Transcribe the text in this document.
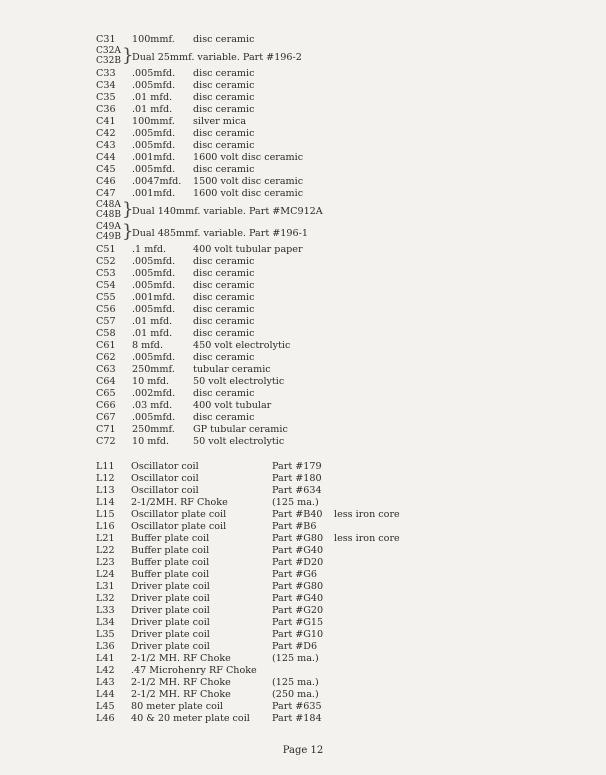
C31 100mmf. disc ceramic
C32A
C32B }
Dual 25mmf. variable. Part #196-2
C33 .005mfd. disc ceramic
C34 .005mfd. disc ceramic
C35 .01 mfd. disc ceramic
C36 .01 mfd. disc ceramic
C41 100mmf. silver mica
C42 .005mfd. disc ceramic
C43 .005mfd. disc ceramic
C44 .001mfd. 1600 volt disc ceramic
C45 .005mfd. disc ceramic
C46 .0047mfd. 1500 volt disc ceramic
C47 .001mfd. 1600 volt disc ceramic
C48A
C48B }
Dual 140mmf. variable. Part #MC912A
C49A
C49B }
Dual 485mmf. variable. Part #196-1
C51 .1 mfd.	400 volt tubular paper
C52 .005mfd. disc ceramic
C53 .005mfd. disc ceramic
C54 .005mfd. disc ceramic
C55 .001mfd. disc ceramic
C56 .005mfd. disc ceramic
C57 .01 mfd. disc ceramic
C58 .01 mfd. disc ceramic
C61 8 mfd.	450 volt electrolytic
C62 .005mfd. disc ceramic
C63 250mmf. tubular ceramic
C64 10 mfd. 50 volt electrolytic
C65 .002mfd. disc ceramic
C66 .03 mfd. 400 volt tubular
C67 .005mfd. disc ceramic
C71 250mmf. GP tubular ceramic
C72 10 mfd. 50 volt electrolytic
L11 Oscillator coil	Part #179
L12 Oscillator coil	Part #180
L13 Oscillator coil	Part #634
L14 2-1/2MH. RF Choke	(125 ma.)
L15 Oscillator plate coil	Part #B40 less iron core
L16 Oscillator plate coil	Part #B6
L21 Buffer plate coil	Part #G80 less iron core
L22 Buffer plate coil	Part #G40
L23 Buffer plate coil	Part #D20
L24 Buffer plate coil	Part #G6
L31 Driver plate coil	Part #G80
L32 Driver plate coil	Part #G40
L33 Driver plate coil	Part #G20
L34 Driver plate coil	Part #G15
L35 Driver plate coil	Part #G10
L36 Driver plate coil	Part #D6
L41 2-1/2 MH. RF Choke	(125 ma.)
L42 .47 Microhenry RF Choke
L43 2-1/2 MH. RF Choke	(125 ma.)
L44 2-1/2 MH. RF Choke	(250 ma.)
L45 80 meter plate coil	Part #635
L46 40 & 20 meter plate coil Part #184
Page 12
